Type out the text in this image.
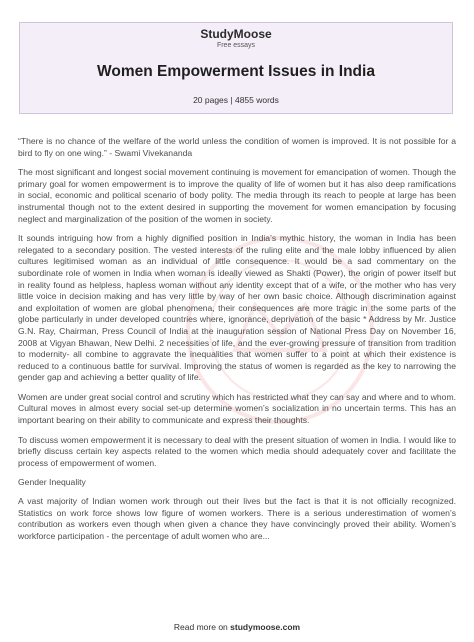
StudyMoose
Free essays
Women Empowerment Issues in India
20 pages | 4855 words

“There is no chance of the welfare of the world unless the condition of women is improved. It is not possible for a bird to fly on one wing.” - Swami Vivekananda

The most significant and longest social movement continuing is movement for emancipation of women. Though the primary goal for women empowerment is to improve the quality of life of women but it has also deep ramifications in social, economic and political scenario of body polity. The media through its reach to people at large has been instrumental though not to the extent desired in supporting the movement for women emancipation by focusing neglect and marginalization of the position of the women in society.

It sounds intriguing how from a highly dignified position in India’s mythic history, the woman in India has been relegated to a secondary position. The vested interests of the ruling elite and the male lobby influenced by alien cultures legitimised woman as an individual of little consequence. It would be a sad commentary on the subordinate role of women in India when woman is ideally viewed as Shakti (Power), the origin of power itself but in reality found as helpless, hapless woman without any identity except that of a wife, or the mother who has very little voice in decision making and has very little by way of her own basic choice. Although discrimination against and exploitation of women are global phenomena, their consequences are more tragic in the some parts of the globe particularly in under developed countries where, ignorance, deprivation of the basic * Address by Mr. Justice G.N. Ray, Chairman, Press Council of India at the inauguration session of National Press Day on November 16, 2008 at Vigyan Bhawan, New Delhi. 2 necessities of life, and the ever-growing pressure of transition from tradition to modernity- all combine to aggravate the inequalities that women suffer to a point at which their existence is reduced to a continuous battle for survival. Improving the status of women is regarded as the key to narrowing the gender gap and achieving a better quality of life.

Women are under great social control and scrutiny which has restricted what they can say and where and to whom. Cultural moves in almost every social set-up determine women’s socialization in no uncertain terms. This has an important bearing on their ability to communicate and express their thoughts.

To discuss women empowerment it is necessary to deal with the present situation of women in India. I would like to briefly discuss certain key aspects related to the women which media should adequately cover and facilitate the process of empowerment of women.

Gender Inequality

A vast majority of Indian women work through out their lives but the fact is that it is not officially recognized. Statistics on work force shows low figure of women workers. There is a serious underestimation of women’s contribution as workers even though when given a chance they have convincingly proved their ability. Women’s workforce participation - the percentage of adult women who are...

Read more on studymoose.com
